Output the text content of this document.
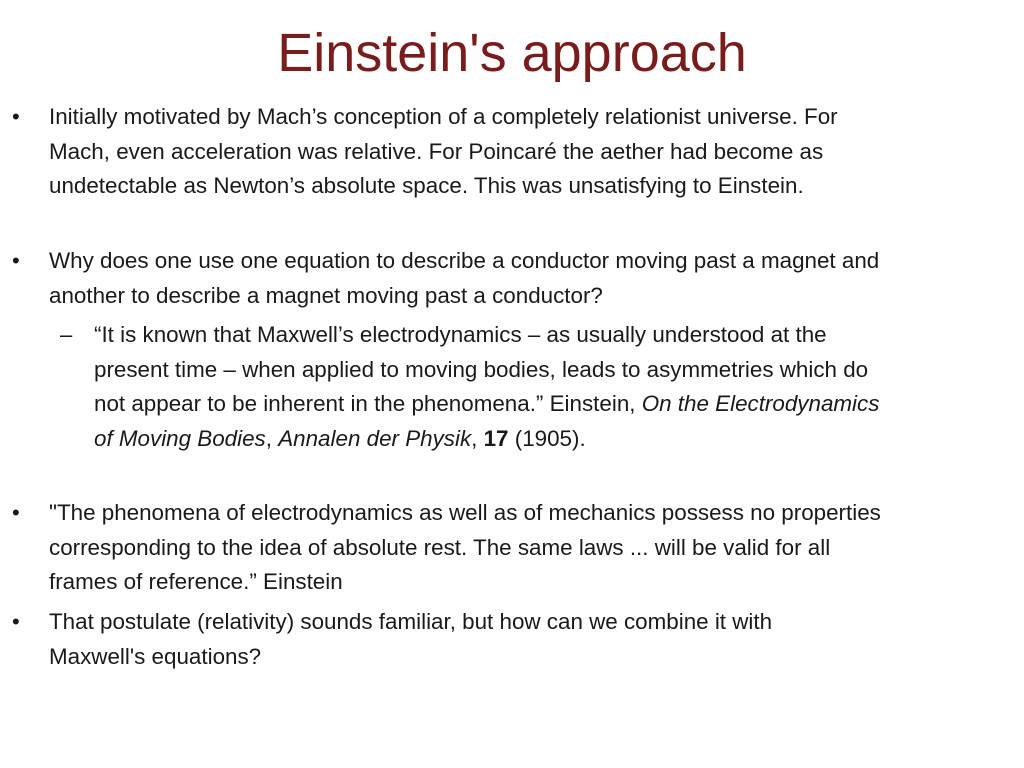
Einstein's approach
• Initially motivated by Mach’s conception of a completely relationist universe. For
Mach, even acceleration was relative. For Poincaré the aether had become as
undetectable as Newton’s absolute space. This was unsatisfying to Einstein.
• Why does one use one equation to describe a conductor moving past a magnet and
another to describe a magnet moving past a conductor?
– “It is known that Maxwell’s electrodynamics – as usually understood at the
present time – when applied to moving bodies, leads to asymmetries which do
not appear to be inherent in the phenomena.” Einstein, On the Electrodynamics
of Moving Bodies, Annalen der Physik, 17 (1905).
• "The phenomena of electrodynamics as well as of mechanics possess no properties
corresponding to the idea of absolute rest. The same laws ... will be valid for all
frames of reference.” Einstein
• That postulate (relativity) sounds familiar, but how can we combine it with
Maxwell's equations?
